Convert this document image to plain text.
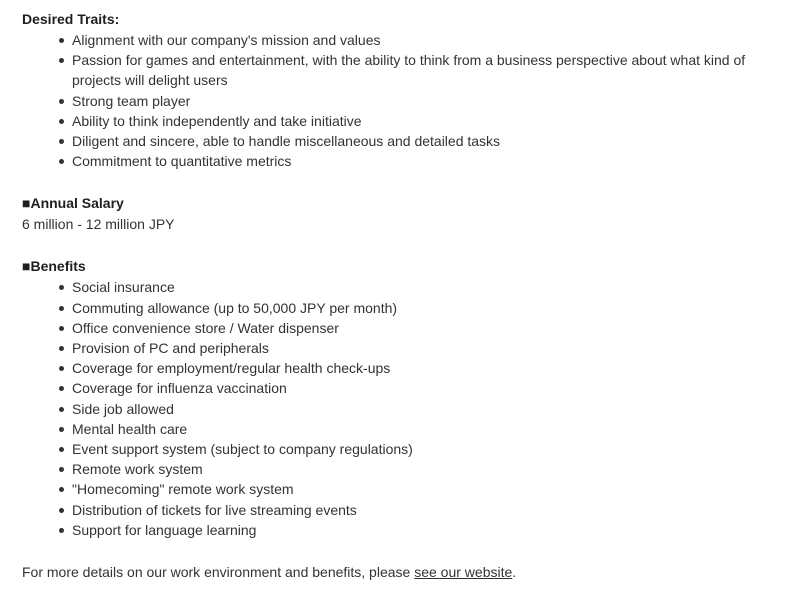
Desired Traits:
Alignment with our company's mission and values
Passion for games and entertainment, with the ability to think from a business perspective about what kind of projects will delight users
Strong team player
Ability to think independently and take initiative
Diligent and sincere, able to handle miscellaneous and detailed tasks
Commitment to quantitative metrics
■Annual Salary
6 million - 12 million JPY
■Benefits
Social insurance
Commuting allowance (up to 50,000 JPY per month)
Office convenience store / Water dispenser
Provision of PC and peripherals
Coverage for employment/regular health check-ups
Coverage for influenza vaccination
Side job allowed
Mental health care
Event support system (subject to company regulations)
Remote work system
"Homecoming" remote work system
Distribution of tickets for live streaming events
Support for language learning
For more details on our work environment and benefits, please see our website.
